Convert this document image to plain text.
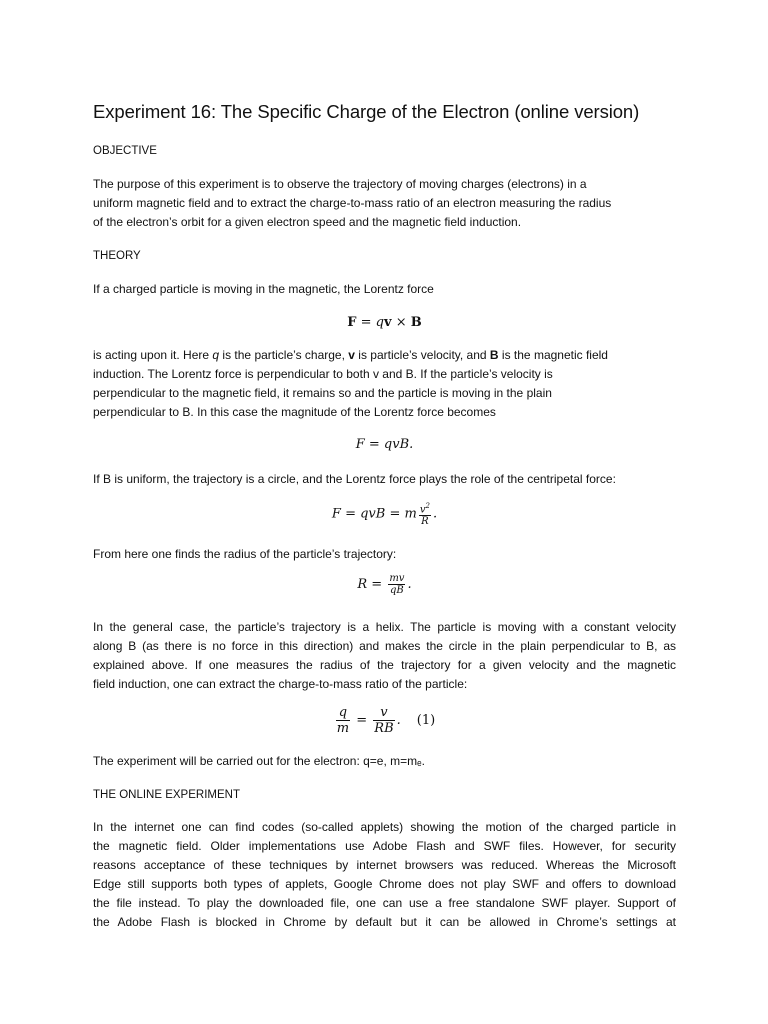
Experiment 16: The Specific Charge of the Electron (online version)
OBJECTIVE
The purpose of this experiment is to observe the trajectory of moving charges (electrons) in a
uniform magnetic field and to extract the charge-to-mass ratio of an electron measuring the radius
of the electron’s orbit for a given electron speed and the magnetic field induction.
THEORY
If a charged particle is moving in the magnetic, the Lorentz force
F = qv × B
is acting upon it. Here q is the particle’s charge, v is particle’s velocity, and B is the magnetic field
induction. The Lorentz force is perpendicular to both v and B. If the particle’s velocity is
perpendicular to the magnetic field, it remains so and the particle is moving in the plain
perpendicular to B. In this case the magnitude of the Lorentz force becomes
F = qvB.
If B is uniform, the trajectory is a circle, and the Lorentz force plays the role of the centripetal force:
F = qvB = m $\frac{v^2}{R}$ .
From here one finds the radius of the particle’s trajectory:
$R = \frac{mv}{qB}$ .
In the general case, the particle’s trajectory is a helix. The particle is moving with a constant velocity
along B (as there is no force in this direction) and makes the circle in the plain perpendicular to B, as
explained above. If one measures the radius of the trajectory for a given velocity and the magnetic
field induction, one can extract the charge-to-mass ratio of the particle:
$\frac{q}{m} = \frac{v}{RB}$ . (1)
The experiment will be carried out for the electron: q=e, m=mₑ.
THE ONLINE EXPERIMENT
In the internet one can find codes (so-called applets) showing the motion of the charged particle in
the magnetic field. Older implementations use Adobe Flash and SWF files. However, for security
reasons acceptance of these techniques by internet browsers was reduced. Whereas the Microsoft
Edge still supports both types of applets, Google Chrome does not play SWF and offers to download
the file instead. To play the downloaded file, one can use a free standalone SWF player. Support of
the Adobe Flash is blocked in Chrome by default but it can be allowed in Chrome’s settings at
